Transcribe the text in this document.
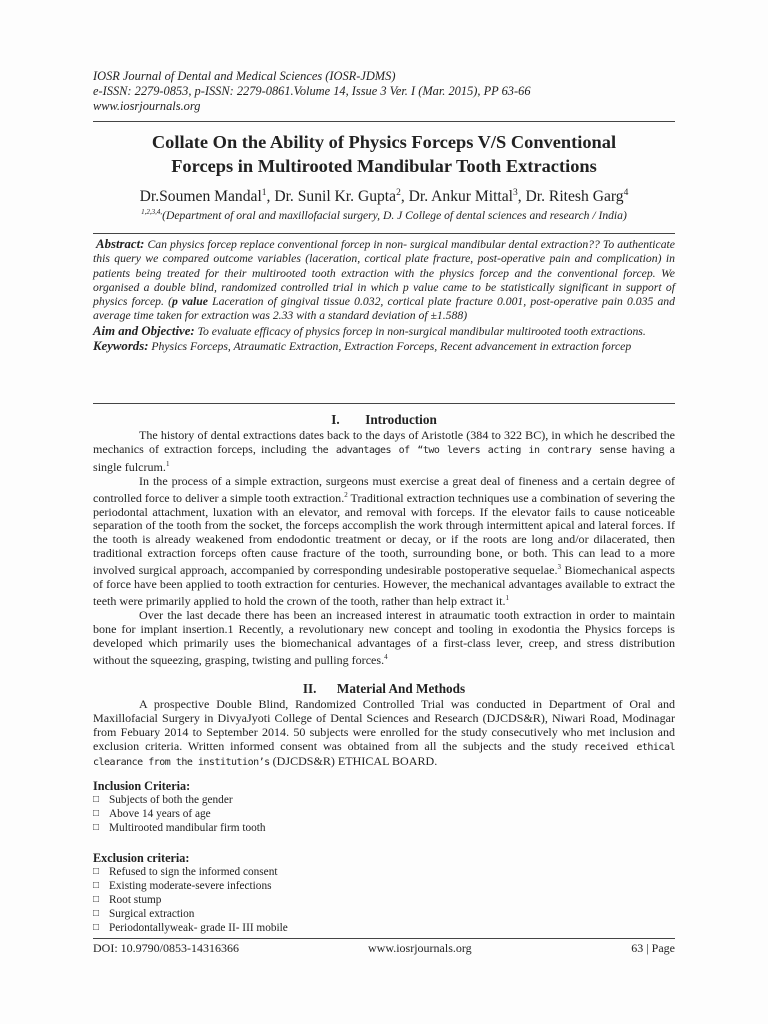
IOSR Journal of Dental and Medical Sciences (IOSR-JDMS)
e-ISSN: 2279-0853, p-ISSN: 2279-0861.Volume 14, Issue 3 Ver. I (Mar. 2015), PP 63-66
www.iosrjournals.org
Collate On the Ability of Physics Forceps V/S Conventional
Forceps in Multirooted Mandibular Tooth Extractions
Dr.Soumen Mandal$^1$, Dr. Sunil Kr. Gupta$^2$, Dr. Ankur Mittal$^3$, Dr. Ritesh Garg$^4$
$^{1,2,3,4,}$(Department of oral and maxillofacial surgery, D. J College of dental sciences and research / India)

Abstract: Can physics forcep replace conventional forcep in non- surgical mandibular dental extraction?? To authenticate this query we compared outcome variables (laceration, cortical plate fracture, post-operative pain and complication) in patients being treated for their multirooted tooth extraction with the physics forcep and the conventional forcep. We organised a double blind, randomized controlled trial in which p value came to be statistically significant in support of physics forcep. (p value Laceration of gingival tissue 0.032, cortical plate fracture 0.001, post-operative pain 0.035 and average time taken for extraction was 2.33 with a standard deviation of ±1.588)

Aim and Objective: To evaluate efficacy of physics forcep in non-surgical mandibular multirooted tooth extractions.

Keywords: Physics Forceps, Atraumatic Extraction, Extraction Forceps, Recent advancement in extraction forcep

I. Introduction

The history of dental extractions dates back to the days of Aristotle (384 to 322 BC), in which he described the mechanics of extraction forceps, including the advantages of “two levers acting in contrary sense having a single fulcrum.$^1$

In the process of a simple extraction, surgeons must exercise a great deal of fineness and a certain degree of controlled force to deliver a simple tooth extraction.$^2$ Traditional extraction techniques use a combination of severing the periodontal attachment, luxation with an elevator, and removal with forceps. If the elevator fails to cause noticeable separation of the tooth from the socket, the forceps accomplish the work through intermittent apical and lateral forces. If the tooth is already weakened from endodontic treatment or decay, or if the roots are long and/or dilacerated, then traditional extraction forceps often cause fracture of the tooth, surrounding bone, or both. This can lead to a more involved surgical approach, accompanied by corresponding undesirable postoperative sequelae.$^3$ Biomechanical aspects of force have been applied to tooth extraction for centuries. However, the mechanical advantages available to extract the teeth were primarily applied to hold the crown of the tooth, rather than help extract it.$^1$

Over the last decade there has been an increased interest in atraumatic tooth extraction in order to maintain bone for implant insertion.1 Recently, a revolutionary new concept and tooling in exodontia the Physics forceps is developed which primarily uses the biomechanical advantages of a first-class lever, creep, and stress distribution without the squeezing, grasping, twisting and pulling forces.$^4$

II. Material And Methods

A prospective Double Blind, Randomized Controlled Trial was conducted in Department of Oral and Maxillofacial Surgery in DivyaJyoti College of Dental Sciences and Research (DJCDS&R), Niwari Road, Modinagar from Febuary 2014 to September 2014. 50 subjects were enrolled for the study consecutively who met inclusion and exclusion criteria. Written informed consent was obtained from all the subjects and the study received ethical clearance from the institution’s (DJCDS&R) ETHICAL BOARD.

Inclusion Criteria:
□ Subjects of both the gender
□ Above 14 years of age
□ Multirooted mandibular firm tooth
Exclusion criteria:
□ Refused to sign the informed consent
□ Existing moderate-severe infections
□ Root stump
□ Surgical extraction
□ Periodontallyweak- grade II- III mobile
DOI: 10.9790/0853-14316366	www.iosrjournals.org	63 | Page
